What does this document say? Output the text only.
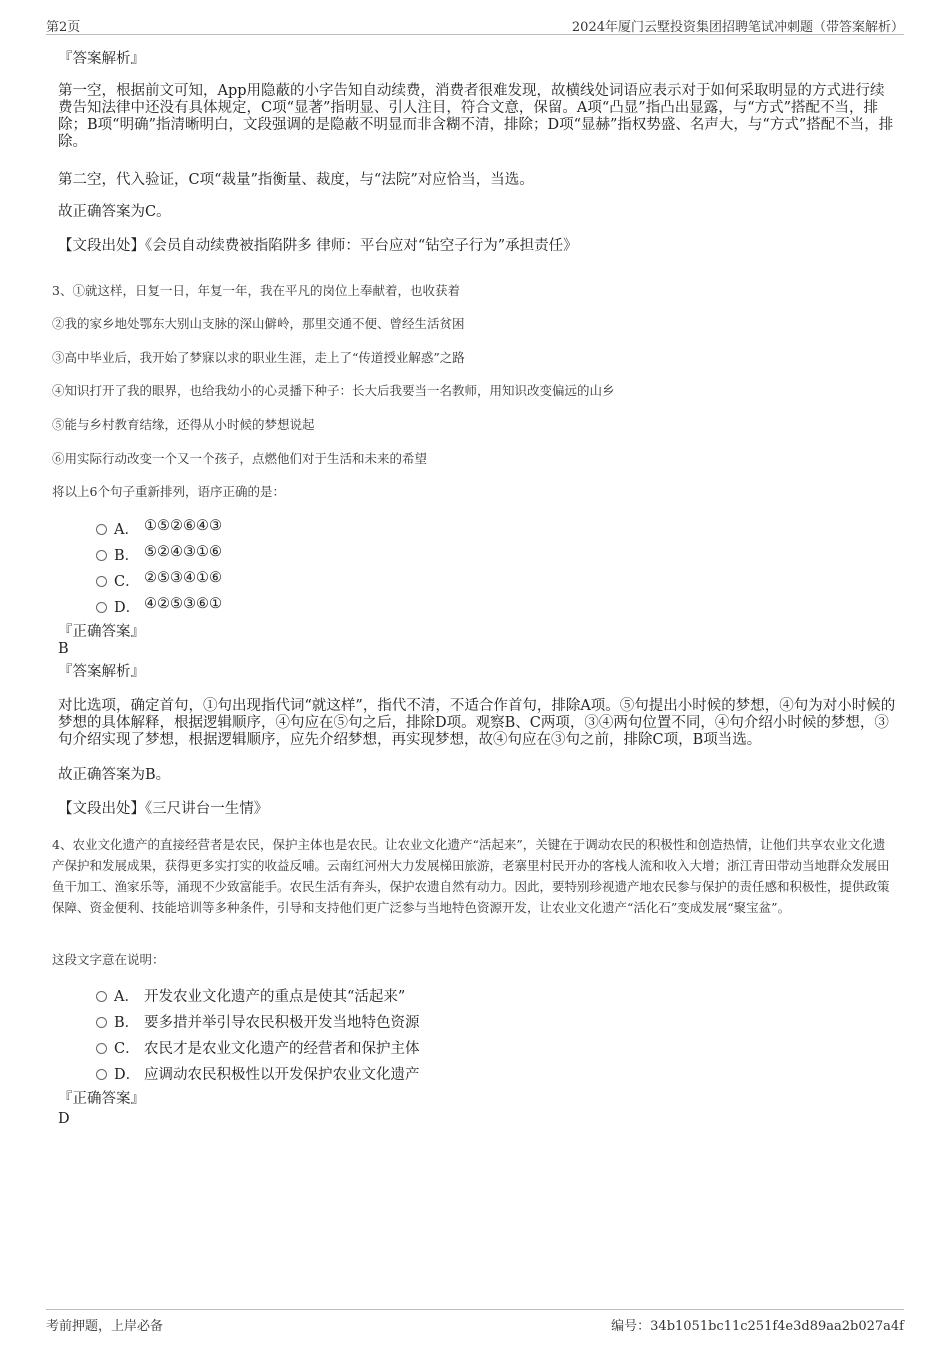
第2页	2024年厦门云墅投资集团招聘笔试冲刺题（带答案解析）
『答案解析』
第一空，根据前文可知，App用隐蔽的小字告知自动续费，消费者很难发现，故横线处词语应表示对于如何采取明显的方式进行续费告知法律中还没有具体规定，C项“显著”指明显、引人注目，符合文意，保留。A项“凸显”指凸出显露，与“方式”搭配不当，排除；B项“明确”指清晰明白，文段强调的是隐蔽不明显而非含糊不清，排除；D项“显赫”指权势盛、名声大，与“方式”搭配不当，排除。
第二空，代入验证，C项“裁量”指衡量、裁度，与“法院”对应恰当，当选。
故正确答案为C。
【文段出处】《会员自动续费被指陷阱多 律师：平台应对“钻空子行为”承担责任》
3、①就这样，日复一日，年复一年，我在平凡的岗位上奉献着，也收获着
②我的家乡地处鄂东大别山支脉的深山僻岭，那里交通不便、曾经生活贫困
③高中毕业后，我开始了梦寐以求的职业生涯，走上了“传道授业解惑”之路
④知识打开了我的眼界，也给我幼小的心灵播下种子：长大后我要当一名教师，用知识改变偏远的山乡
⑤能与乡村教育结缘，还得从小时候的梦想说起
⑥用实际行动改变一个又一个孩子，点燃他们对于生活和未来的希望
将以上6个句子重新排列，语序正确的是：
A． ①⑤②⑥④③
B． ⑤②④③①⑥
C． ②⑤③④①⑥
D． ④②⑤③⑥①
『正确答案』
B
『答案解析』
对比选项，确定首句，①句出现指代词“就这样”，指代不清，不适合作首句，排除A项。⑤句提出小时候的梦想，④句为对小时候的梦想的具体解释，根据逻辑顺序，④句应在⑤句之后，排除D项。观察B、C两项，③④两句位置不同，④句介绍小时候的梦想，③句介绍实现了梦想，根据逻辑顺序，应先介绍梦想，再实现梦想，故④句应在③句之前，排除C项，B项当选。
故正确答案为B。
【文段出处】《三尺讲台一生情》
4、农业文化遗产的直接经营者是农民，保护主体也是农民。让农业文化遗产“活起来”，关键在于调动农民的积极性和创造热情，让他们共享农业文化遗产保护和发展成果，获得更多实打实的收益反哺。云南红河州大力发展梯田旅游，老寨里村民开办的客栈人流和收入大增；浙江青田带动当地群众发展田鱼干加工、渔家乐等，涌现不少致富能手。农民生活有奔头，保护农遗自然有动力。因此，要特别珍视遗产地农民参与保护的责任感和积极性，提供政策保障、资金便利、技能培训等多种条件，引导和支持他们更广泛参与当地特色资源开发，让农业文化遗产“活化石”变成发展“聚宝盆”。
这段文字意在说明：
A． 开发农业文化遗产的重点是使其“活起来”
B． 要多措并举引导农民积极开发当地特色资源
C． 农民才是农业文化遗产的经营者和保护主体
D． 应调动农民积极性以开发保护农业文化遗产
『正确答案』
D
考前押题，上岸必备	编号：34b1051bc11c251f4e3d89aa2b027a4f
